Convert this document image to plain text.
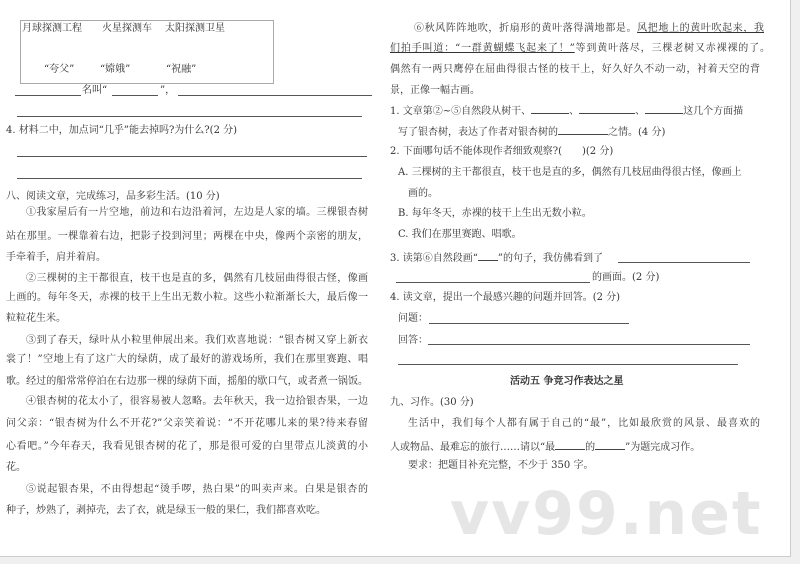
月球探测工程 火星探测车 太阳探测卫星
“夸父”	“嫦娥”	“祝融”
名叫“	”，
4. 材料二中，加点词“几乎”能去掉吗?为什么?(2 分)
八、阅读文章，完成练习，品多彩生活。(10 分)
①我家屋后有一片空地，前边和右边沿着河，左边是人家的墙。三棵银杏树
站在那里。一棵靠着右边，把影子投到河里；两棵在中央，像两个亲密的朋友，
手牵着手，肩并着肩。
②三棵树的主干都很直，枝干也是直的多，偶然有几枝屈曲得很古怪，像画
上画的。每年冬天，赤裸的枝干上生出无数小粒。这些小粒渐渐长大，最后像一
粒粒花生米。
③到了春天，绿叶从小粒里伸展出来。我们欢喜地说：“银杏树又穿上新衣
裳了！”空地上有了这广大的绿荫，成了最好的游戏场所，我们在那里赛跑、唱
歌。经过的船常常停泊在右边那一棵的绿荫下面，摇船的歇口气，或者煮一锅饭。
④银杏树的花太小了，很容易被人忽略。去年秋天，我一边拾银杏果，一边
问父亲：“银杏树为什么不开花?”父亲笑着说：“不开花哪儿来的果?待来春留
心看吧。”今年春天，我看见银杏树的花了，那是很可爱的白里带点儿淡黄的小
花。
⑤说起银杏果，不由得想起“烫手啰，热白果”的叫卖声来。白果是银杏的
种子，炒熟了，剥掉壳，去了衣，就是绿玉一般的果仁，我们都喜欢吃。
⑥秋风阵阵地吹，折扇形的黄叶落得满地都是。风把地上的黄叶吹起来，我
们拍手叫道：“一群黄蝴蝶飞起来了！”等到黄叶落尽，三棵老树又赤裸裸的了。
偶然有一两只鹰停在屈曲得很古怪的枝干上，好久好久不动一动，衬着天空的背
景，正像一幅古画。
1. 文章第②~⑤自然段从树干、	、	、	这几个方面描
写了银杏树，表达了作者对银杏树的	之情。(4 分)
2. 下面哪句话不能体现作者细致观察?(　　)(2 分)
A. 三棵树的主干都很直，枝干也是直的多，偶然有几枝屈曲得很古怪，像画上
画的。
B. 每年冬天，赤裸的枝干上生出无数小粒。
C. 我们在那里赛跑、唱歌。
3. 读第⑥自然段画“ ”的句子，我仿佛看到了
的画面。(2 分)
4. 读文章，提出一个最感兴趣的问题并回答。(2 分)
问题：
回答：
活动五 争竞习作表达之星
九、习作。(30 分)
生活中，我们每个人都有属于自己的“最”，比如最欣赏的风景、最喜欢的
人或物品、最难忘的旅行……请以“最	的	”为题完成习作。
要求：把题目补充完整，不少于 350 字。
vv99.net
